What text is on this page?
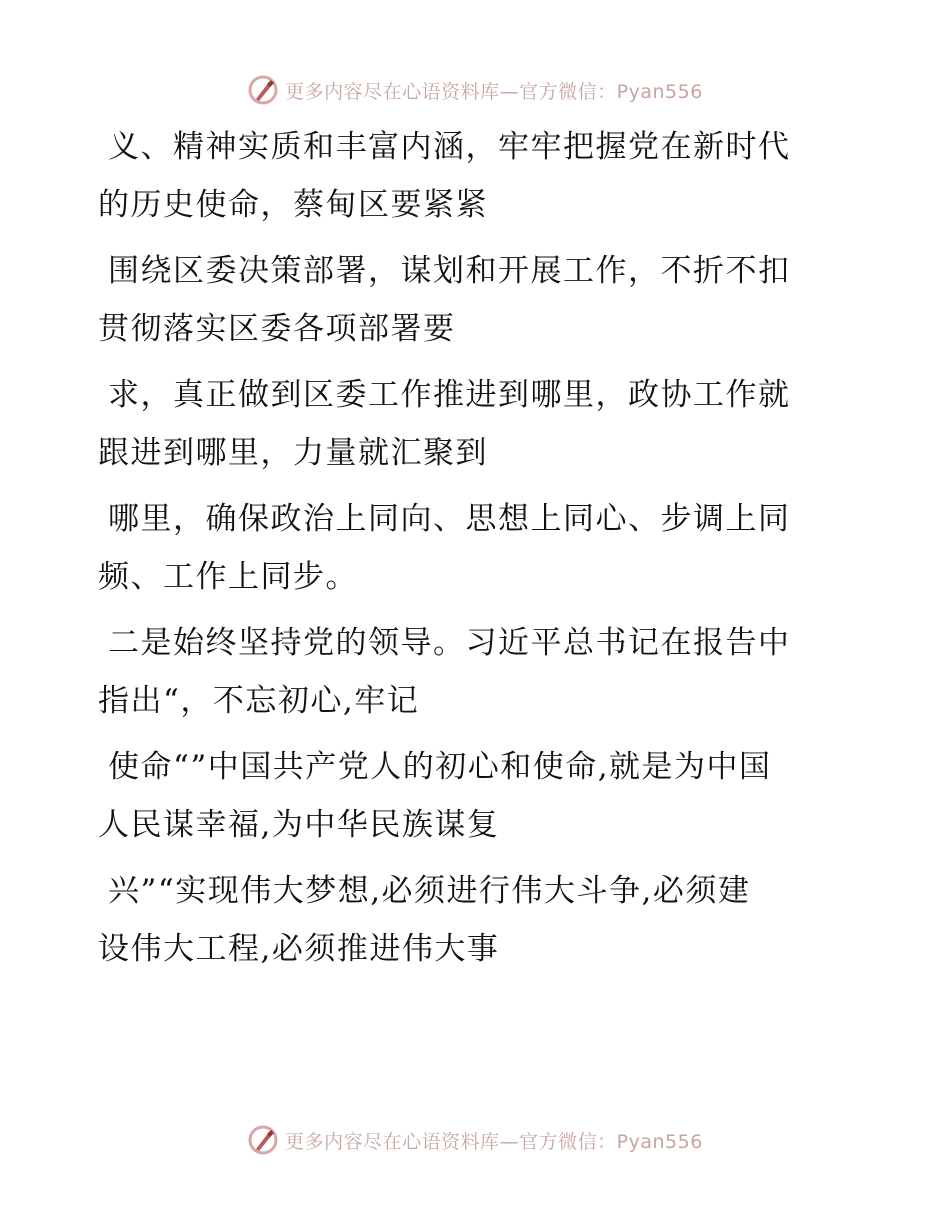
更多内容尽在心语资料库—官方微信：Pyan556
义、精神实质和丰富内涵，牢牢把握党在新时代
的历史使命，蔡甸区要紧紧
围绕区委决策部署，谋划和开展工作，不折不扣
贯彻落实区委各项部署要
求，真正做到区委工作推进到哪里，政协工作就
跟进到哪里，力量就汇聚到
哪里，确保政治上同向、思想上同心、步调上同
频、工作上同步。
二是始终坚持党的领导。习近平总书记在报告中
指出“，不忘初心,牢记
使命“”中国共产党人的初心和使命,就是为中国
人民谋幸福,为中华民族谋复
兴”“实现伟大梦想,必须进行伟大斗争,必须建
设伟大工程,必须推进伟大事
更多内容尽在心语资料库—官方微信：Pyan556
